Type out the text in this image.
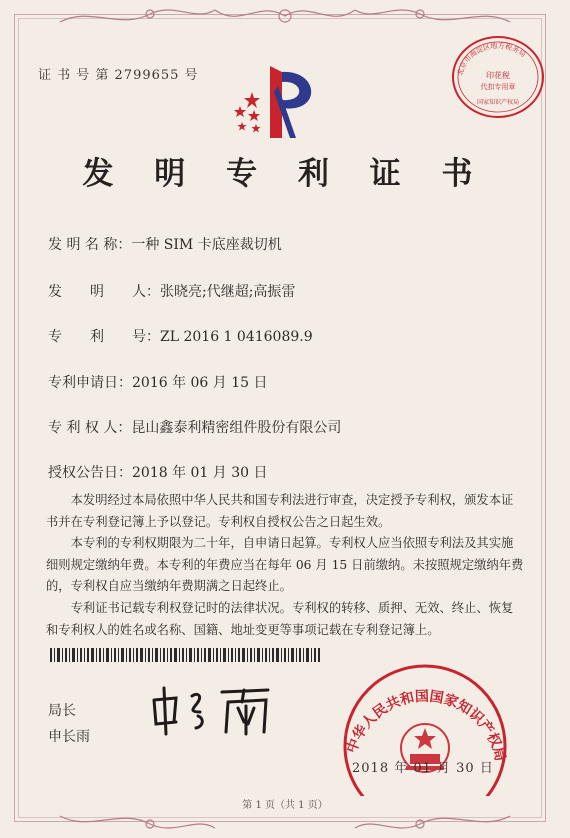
证 书 号 第 2799655 号	北京市海淀区地方税务局
印花税
代扣专用章
国家知识产权局
发 明 专 利 证 书
发 明 名 称：一种 SIM 卡底座裁切机
发　　明　　人：张晓亮;代继超;高振雷
专　　利　　号：ZL 2016 1 0416089.9
专利申请日：2016 年 06 月 15 日
专 利 权 人：昆山鑫泰利精密组件股份有限公司
授权公告日：2018 年 01 月 30 日

本发明经过本局依照中华人民共和国专利法进行审查，决定授予专利权，颁发本证书并在专利登记簿上予以登记。专利权自授权公告之日起生效。

本专利的专利权期限为二十年，自申请日起算。专利权人应当依照专利法及其实施细则规定缴纳年费。本专利的年费应当在每年 06 月 15 日前缴纳。未按照规定缴纳年费的，专利权自应当缴纳年费期满之日起终止。

专利证书记载专利权登记时的法律状况。专利权的转移、质押、无效、终止、恢复和专利权人的姓名或名称、国籍、地址变更等事项记载在专利登记簿上。

局长
申长雨	中华人民共和国国家知识产权局
2018 年 01 月 30 日
第 1 页（共 1 页）
